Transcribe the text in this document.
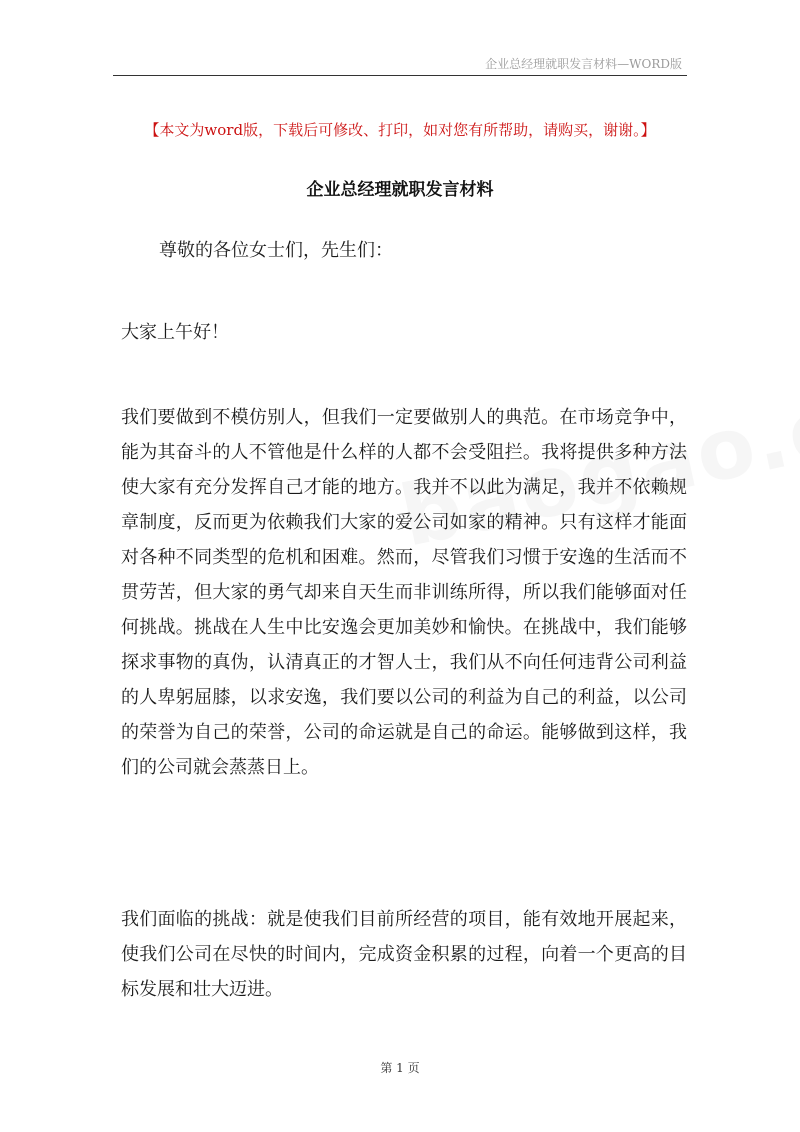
企业总经理就职发言材料—WORD版
【本文为word版，下载后可修改、打印，如对您有所帮助，请购买，谢谢。】
企业总经理就职发言材料
尊敬的各位女士们，先生们：
大家上午好！
我们要做到不模仿别人，但我们一定要做别人的典范。在市场竞争中，能为其奋斗的人不管他是什么样的人都不会受阻拦。我将提供多种方法使大家有充分发挥自己才能的地方。我并不以此为满足，我并不依赖规章制度，反而更为依赖我们大家的爱公司如家的精神。只有这样才能面对各种不同类型的危机和困难。然而，尽管我们习惯于安逸的生活而不贯劳苦，但大家的勇气却来自天生而非训练所得，所以我们能够面对任何挑战。挑战在人生中比安逸会更加美妙和愉快。在挑战中，我们能够探求事物的真伪，认清真正的才智人士，我们从不向任何违背公司利益的人卑躬屈膝，以求安逸，我们要以公司的利益为自己的利益，以公司的荣誉为自己的荣誉，公司的命运就是自己的命运。能够做到这样，我们的公司就会蒸蒸日上。
我们面临的挑战：就是使我们目前所经营的项目，能有效地开展起来，使我们公司在尽快的时间内，完成资金积累的过程，向着一个更高的目标发展和壮大迈进。
第 1 页
